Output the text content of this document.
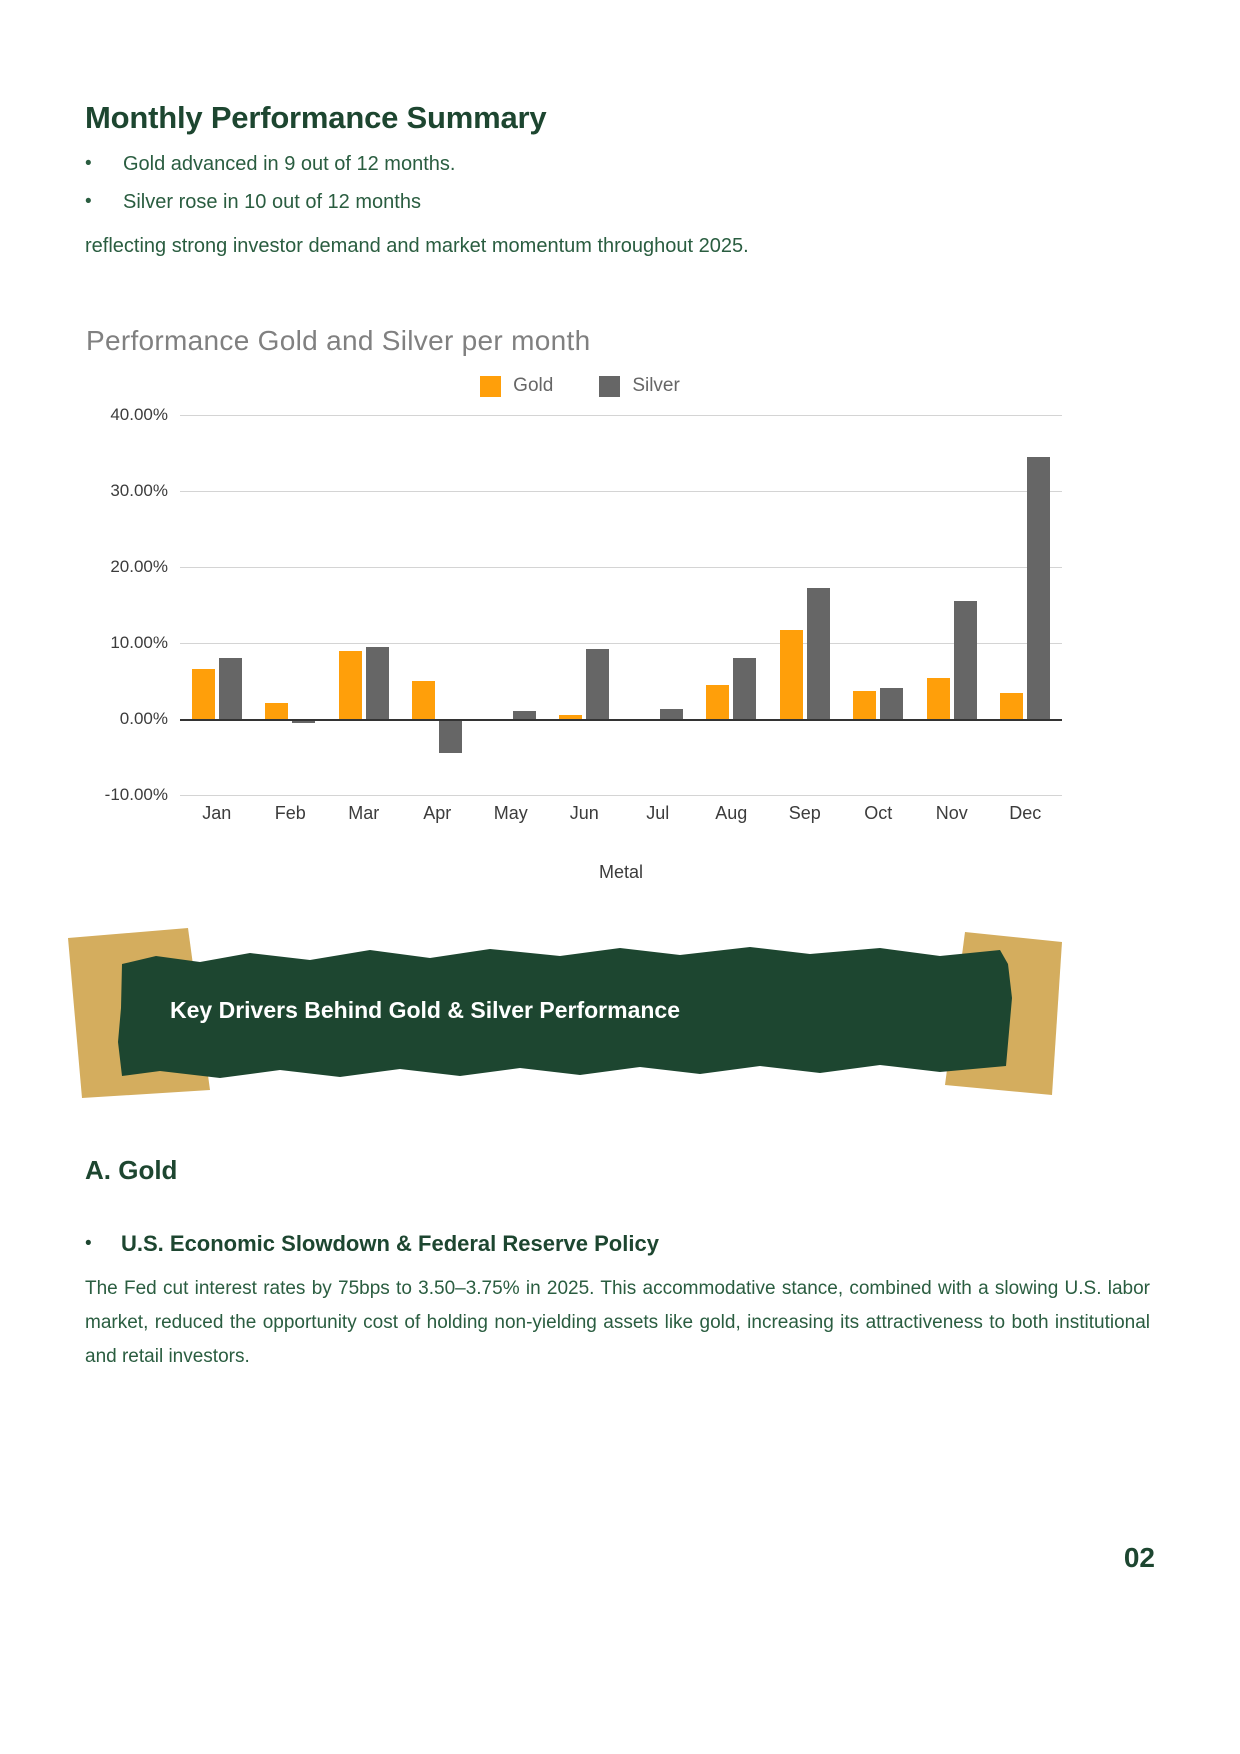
Monthly Performance Summary
•	Gold advanced in 9 out of 12 months.
•	Silver rose in 10 out of 12 months
reflecting strong investor demand and market momentum throughout 2025.
Performance Gold and Silver per month
Gold	Silver
40.00%
30.00%
20.00%
10.00%
0.00%
-10.00%
Jan	Feb	Mar	Apr	May	Jun	Jul	Aug	Sep	Oct	Nov	Dec
Metal
Key Drivers Behind Gold & Silver Performance
A. Gold
•	U.S. Economic Slowdown & Federal Reserve Policy

The Fed cut interest rates by 75bps to 3.50–3.75% in 2025. This accommodative stance, combined with a slowing U.S. labor market, reduced the opportunity cost of holding non-yielding assets like gold, increasing its attractiveness to both institutional and retail investors.

02
